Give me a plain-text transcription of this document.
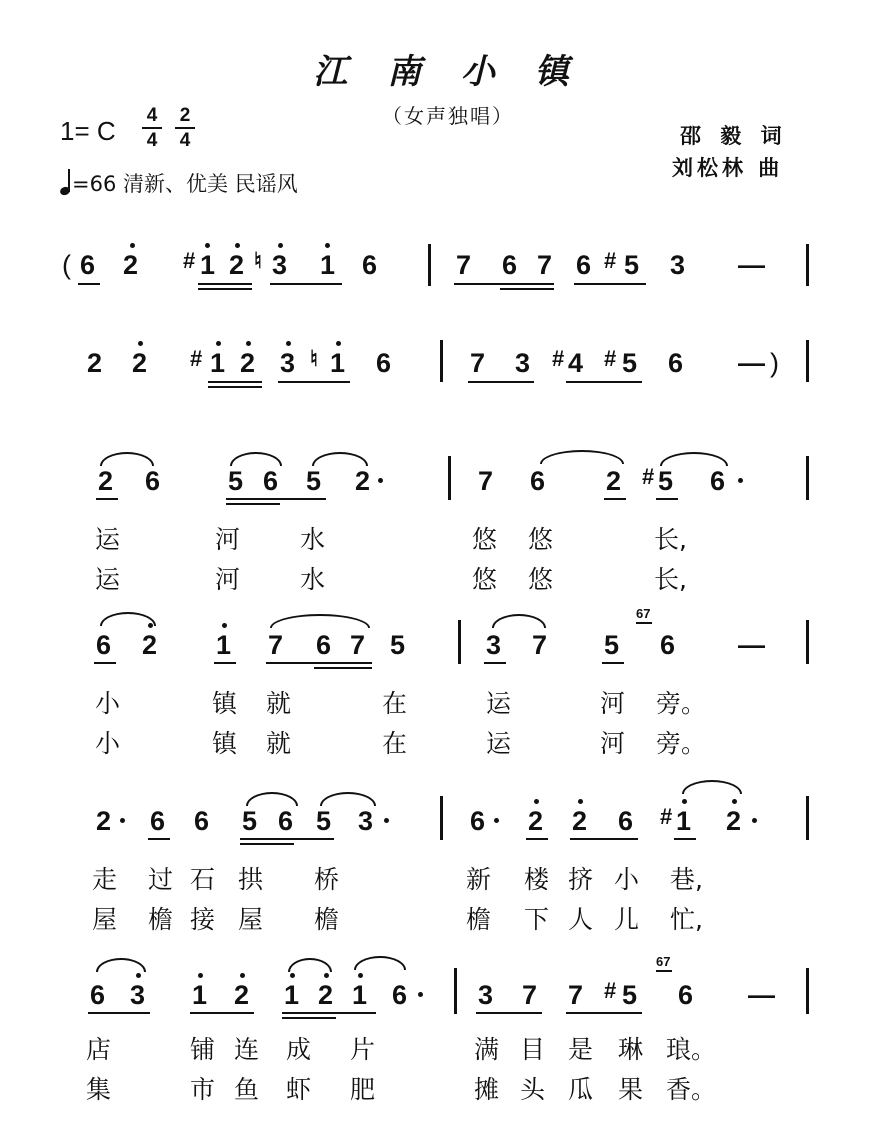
江 南 小 镇
（女声独唱）
1= C
4
4
2
4	邵 毅 词
刘松林 曲
=66 清新、优美 民谣风
( 6 2 # 1 2 ♮ 3 1 6	7 6 7 6 # 5 3 —
2 2 # 1 2 3 ♮ 1 6	7 3 # 4 # 5 6 — )
2 6	5 6 5 2	7 6 2 # 5 6
运	河 水	悠 悠	长,
运	河 水	悠 悠	长,
6 2 1 7 6 7 5	3 7 5
67
6 —
小	镇 就	在	运	河 旁。
小	镇 就	在	运	河 旁。
2 6 6 5 6 5 3	6 2 2 6 # 1 2
走 过 石 拱 桥	新 楼 挤 小 巷,
屋 檐 接 屋 檐	檐 下 人 儿 忙,
6 3 1 2 1 2 1 6	3 7 7 # 5
67
6 —
店	铺 连 成 片	满 目 是 琳 琅。
集	市 鱼 虾 肥	摊 头 瓜 果 香。
